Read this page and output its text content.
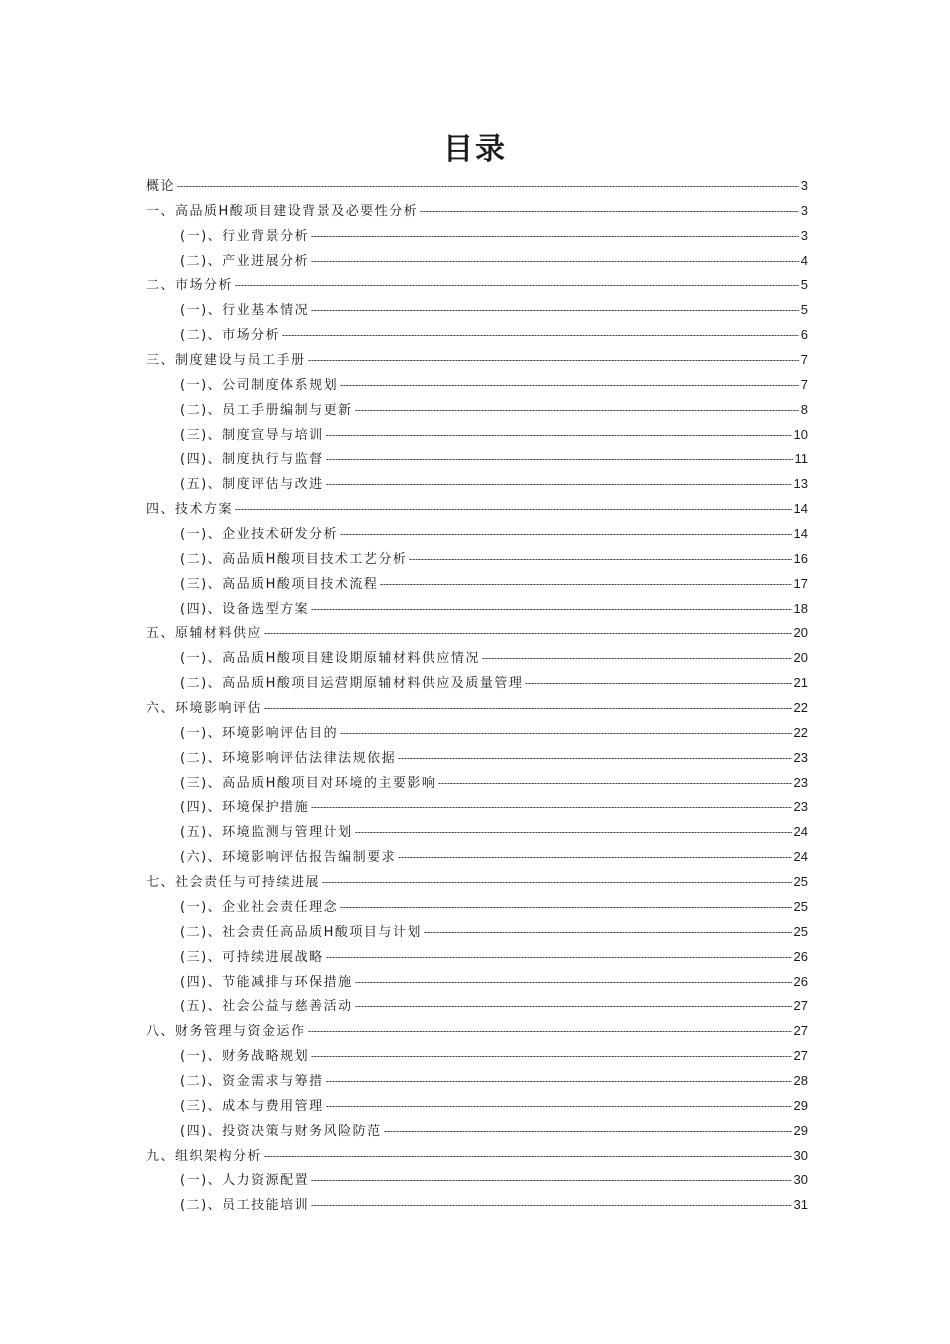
目录
概论	3
一、高品质H酸项目建设背景及必要性分析	3
(一)、行业背景分析	3
(二)、产业进展分析	4
二、市场分析	5
(一)、行业基本情况	5
(二)、市场分析	6
三、制度建设与员工手册	7
(一)、公司制度体系规划	7
(二)、员工手册编制与更新	8
(三)、制度宣导与培训	10
(四)、制度执行与监督	11
(五)、制度评估与改进	13
四、技术方案	14
(一)、企业技术研发分析	14
(二)、高品质H酸项目技术工艺分析	16
(三)、高品质H酸项目技术流程	17
(四)、设备选型方案	18
五、原辅材料供应	20
(一)、高品质H酸项目建设期原辅材料供应情况	20
(二)、高品质H酸项目运营期原辅材料供应及质量管理	21
六、环境影响评估	22
(一)、环境影响评估目的	22
(二)、环境影响评估法律法规依据	23
(三)、高品质H酸项目对环境的主要影响	23
(四)、环境保护措施	23
(五)、环境监测与管理计划	24
(六)、环境影响评估报告编制要求	24
七、社会责任与可持续进展	25
(一)、企业社会责任理念	25
(二)、社会责任高品质H酸项目与计划	25
(三)、可持续进展战略	26
(四)、节能减排与环保措施	26
(五)、社会公益与慈善活动	27
八、财务管理与资金运作	27
(一)、财务战略规划	27
(二)、资金需求与筹措	28
(三)、成本与费用管理	29
(四)、投资决策与财务风险防范	29
九、组织架构分析	30
(一)、人力资源配置	30
(二)、员工技能培训	31
